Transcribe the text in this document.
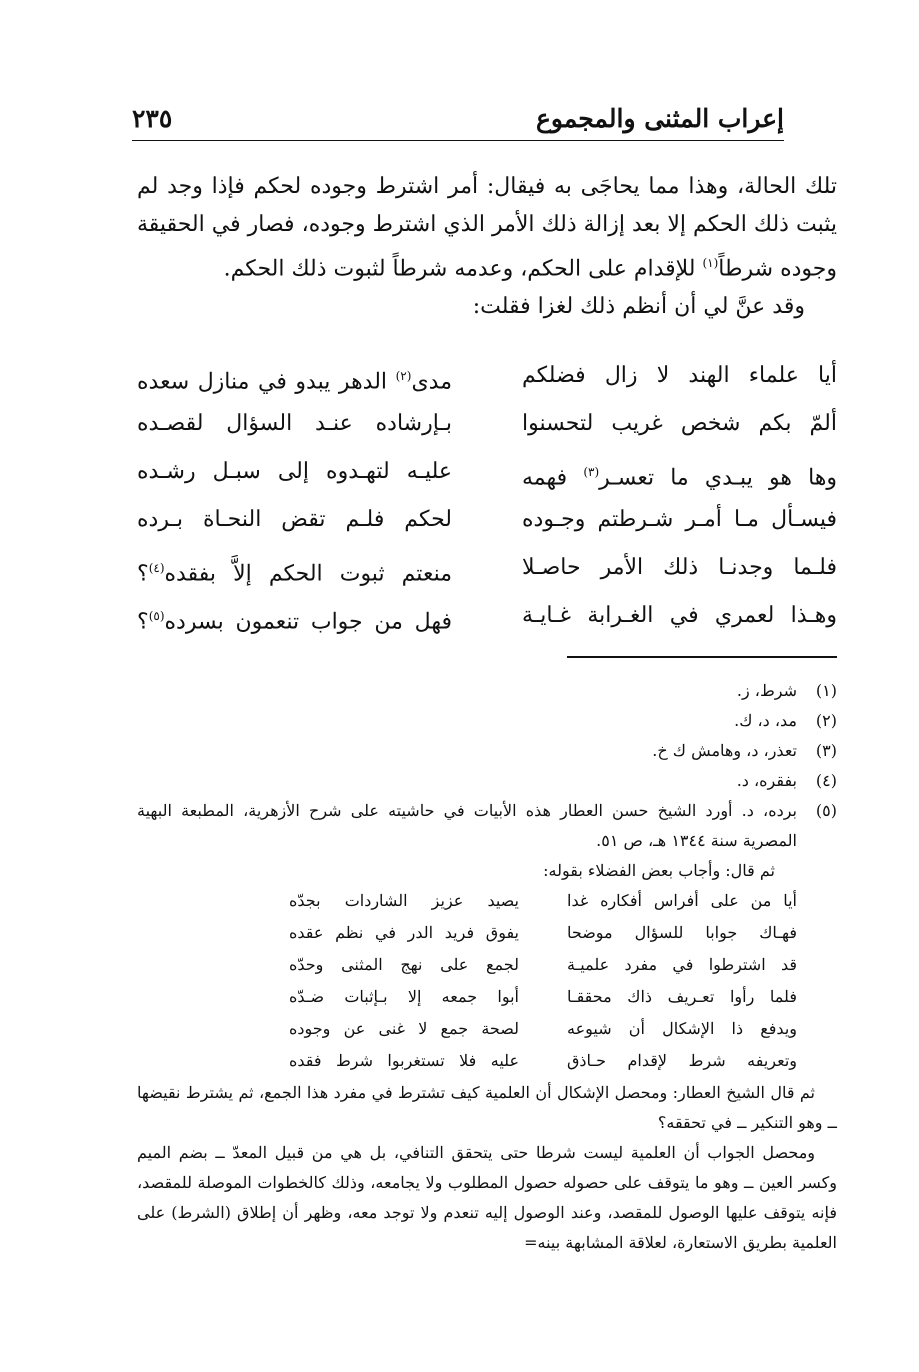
إعراب المثنى والمجموع
٢٣٥

تلك الحالة، وهذا مما يحاجَى به فيقال: أمر اشترط وجوده لحكم فإذا وجد لم يثبت ذلك الحكم إلا بعد إزالة ذلك الأمر الذي اشترط وجوده، فصار في الحقيقة وجوده شرطاً$^{(١)}$ للإقدام على الحكم، وعدمه شرطاً لثبوت ذلك الحكم.

وقد عنَّ لي أن أنظم ذلك لغزا فقلت:

أيا علماء الهند لا زال فضلكم
مدى$^{(٢)}$ الدهر يبدو في منازل سعده
ألمّ بكم شخص غريب لتحسنوا
بـإرشاده عنـد السؤال لقصـده
وها هو يبـدي ما تعسـر$^{(٣)}$ فهمه
عليـه لتهـدوه إلى سبـل رشـده
فيسـأل مـا أمـر شـرطتم وجـوده
لحكم فلـم تقض النحـاة بـرده
فلـما وجدنـا ذلك الأمر حاصـلا
منعتم ثبوت الحكم إلاَّ بفقده$^{(٤)}$؟
وهـذا لعمري في الغـرابة غـايـة
فهل من جواب تنعمون بسرده$^{(٥)}$؟
(١)
شرط، ز.
(٢)
مد، د، ك.
(٣)
تعذر، د، وهامش ك خ.
(٤)
بفقره، د.
(٥)
برده، د. أورد الشيخ حسن العطار هذه الأبيات في حاشيته على شرح الأزهرية، المطبعة البهية المصرية سنة ١٣٤٤ هـ، ص ٥١.
ثم قال: وأجاب بعض الفضلاء بقوله:
أيا من على أفراس أفكاره غدا
يصيد عزيز الشاردات بجدّه
فهـاك جوابا للسؤال موضحا
يفوق فريد الدر في نظم عقده
قد اشترطوا في مفرد علميـة
لجمع على نهج المثنى وحدّه
فلما رأوا تعـريف ذاك محققـا
أبوا جمعه إلا بـإثبات ضـدّه
ويدفع ذا الإشكال أن شيوعه
لصحة جمع لا غنى عن وجوده
وتعريفه شرط لإقدام حـاذق
عليه فلا تستغربوا شرط فقده
ثم قال الشيخ العطار: ومحصل الإشكال أن العلمية كيف تشترط في مفرد هذا الجمع، ثم يشترط نقيضها ــ وهو التنكير ــ في تحققه؟
ومحصل الجواب أن العلمية ليست شرطا حتى يتحقق التنافي، بل هي من قبيل المعدّ ــ بضم الميم وكسر العين ــ وهو ما يتوقف على حصوله حصول المطلوب ولا يجامعه، وذلك كالخطوات الموصلة للمقصد، فإنه يتوقف عليها الوصول للمقصد، وعند الوصول إليه تنعدم ولا توجد معه، وظهر أن إطلاق (الشرط) على العلمية بطريق الاستعارة، لعلاقة المشابهة بينه=
